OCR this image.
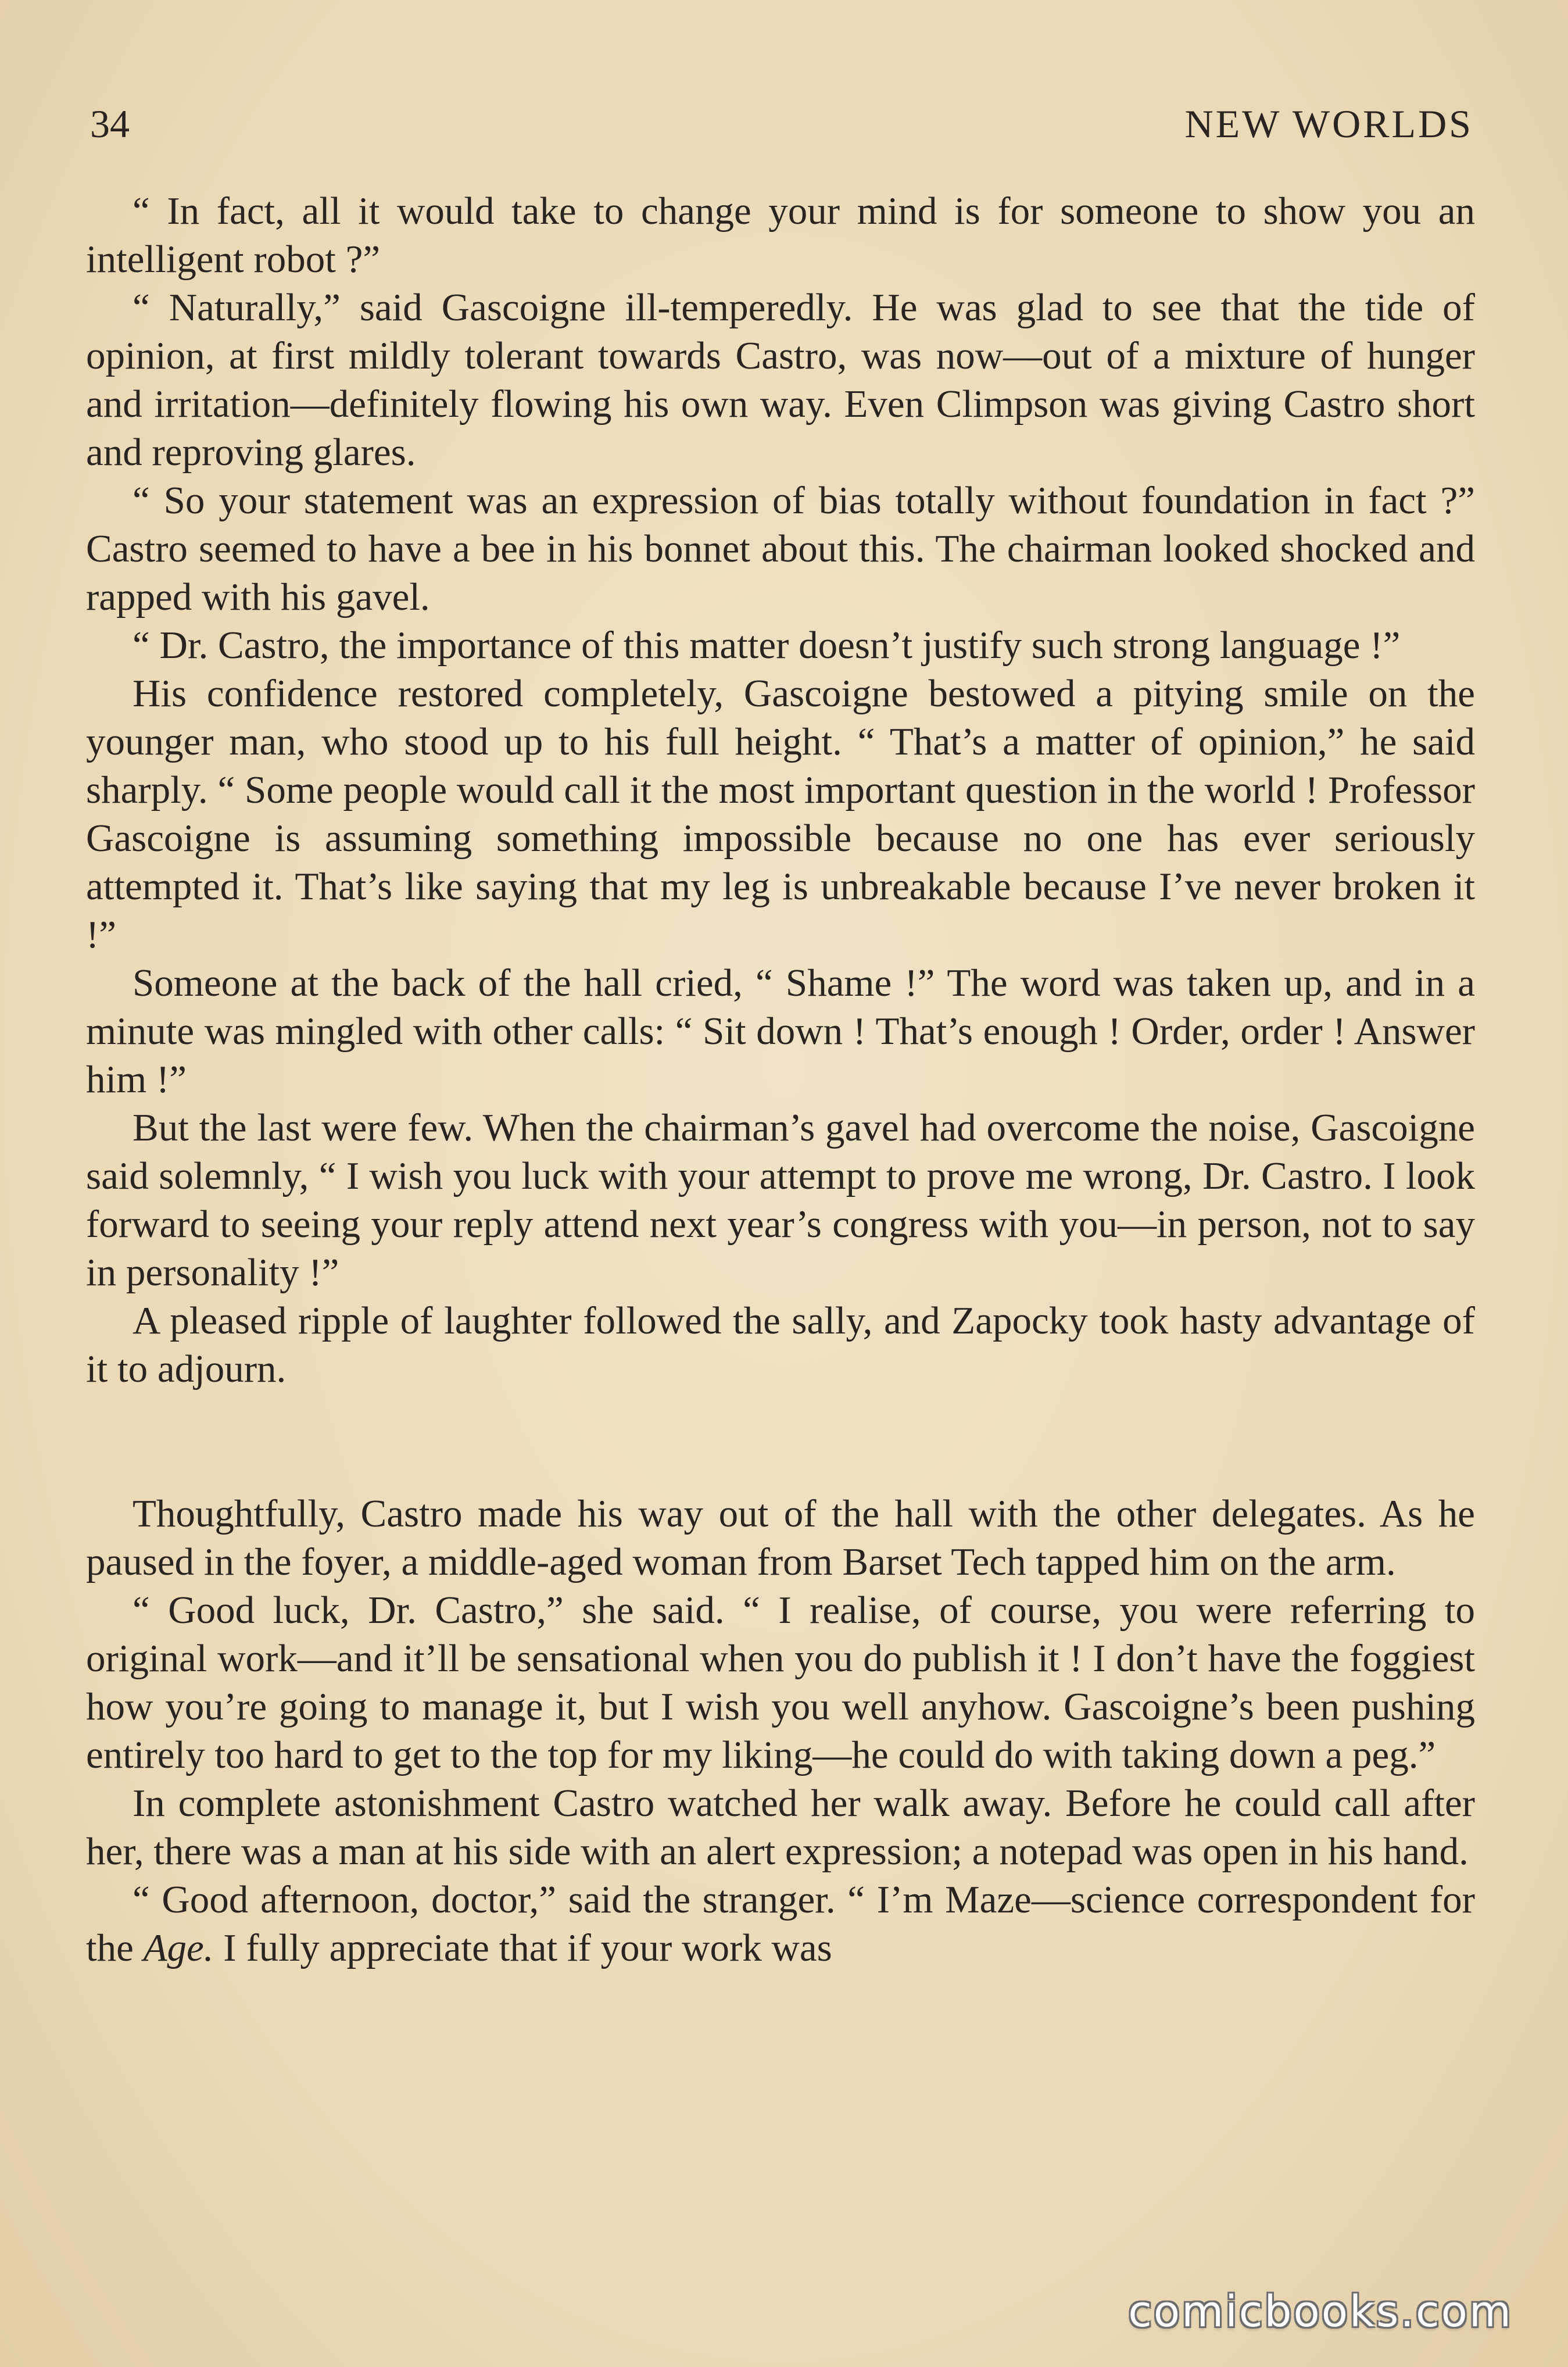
34	NEW WORLDS

“ In fact, all it would take to change your mind is for someone to show you an intelligent robot ?”

“ Naturally,” said Gascoigne ill-temperedly. He was glad to see that the tide of opinion, at first mildly tolerant towards Castro, was now—out of a mixture of hunger and irritation—definitely flowing his own way. Even Climpson was giving Castro short and reproving glares.

“ So your statement was an expression of bias totally without foundation in fact ?” Castro seemed to have a bee in his bonnet about this. The chairman looked shocked and rapped with his gavel.

“ Dr. Castro, the importance of this matter doesn’t justify such strong language !”

His confidence restored completely, Gascoigne bestowed a pitying smile on the younger man, who stood up to his full height. “ That’s a matter of opinion,” he said sharply. “ Some people would call it the most important question in the world ! Professor Gascoigne is assuming something impossible because no one has ever seriously attempted it. That’s like saying that my leg is unbreakable because I’ve never broken it !”

Someone at the back of the hall cried, “ Shame !” The word was taken up, and in a minute was mingled with other calls: “ Sit down ! That’s enough ! Order, order ! Answer him !”

But the last were few. When the chairman’s gavel had overcome the noise, Gascoigne said solemnly, “ I wish you luck with your attempt to prove me wrong, Dr. Castro. I look forward to seeing your reply attend next year’s congress with you—in person, not to say in personality !”

A pleased ripple of laughter followed the sally, and Zapocky took hasty advantage of it to adjourn.

Thoughtfully, Castro made his way out of the hall with the other delegates. As he paused in the foyer, a middle-aged woman from Barset Tech tapped him on the arm.

“ Good luck, Dr. Castro,” she said. “ I realise, of course, you were referring to original work—and it’ll be sensational when you do publish it ! I don’t have the foggiest how you’re going to manage it, but I wish you well anyhow. Gascoigne’s been pushing entirely too hard to get to the top for my liking—he could do with taking down a peg.”

In complete astonishment Castro watched her walk away. Before he could call after her, there was a man at his side with an alert expression; a notepad was open in his hand.

“ Good afternoon, doctor,” said the stranger. “ I’m Maze—science correspondent for the Age. I fully appreciate that if your work was

comicbooks.com
